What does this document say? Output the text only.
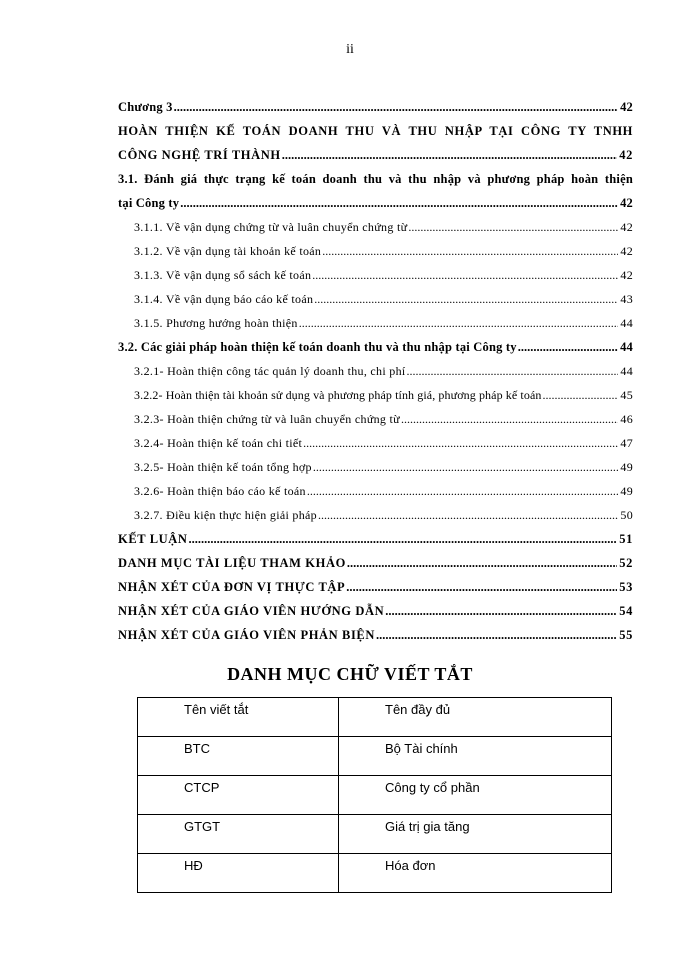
ii
Chương 3 .....	42
HOÀN THIỆN KẾ TOÁN DOANH THU VÀ THU NHẬP TẠI CÔNG TY TNHH
CÔNG NGHỆ TRÍ THÀNH .....	42
3.1. Đánh giá thực trạng kế toán doanh thu và thu nhập và phương pháp hoàn thiện
tại Công ty .....	42
3.1.1. Về vận dụng chứng từ và luân chuyển chứng từ .....	42
3.1.2. Về vận dụng tài khoản kế toán .....	42
3.1.3. Về vận dụng sổ sách kế toán .....	42
3.1.4. Về vận dụng báo cáo kế toán .....	43
3.1.5. Phương hướng hoàn thiện .....	44
3.2. Các giải pháp hoàn thiện kế toán doanh thu và thu nhập tại Công ty .....	44
3.2.1- Hoàn thiện công tác quản lý doanh thu, chi phí .....	44
3.2.2- Hoàn thiện tài khoản sử dụng và phương pháp tính giá, phương pháp kế toán .....	45
3.2.3- Hoàn thiện chứng từ và luân chuyển chứng từ .....	46
3.2.4- Hoàn thiện kế toán chi tiết .....	47
3.2.5- Hoàn thiện kế toán tổng hợp .....	49
3.2.6- Hoàn thiện báo cáo kế toán .....	49
3.2.7. Điều kiện thực hiện giải pháp .....	50
KẾT LUẬN .....	51
DANH MỤC TÀI LIỆU THAM KHẢO .....	52
NHẬN XÉT CỦA ĐƠN VỊ THỰC TẬP .....	53
NHẬN XÉT CỦA GIÁO VIÊN HƯỚNG DẪN .....	54
NHẬN XÉT CỦA GIÁO VIÊN PHẢN BIỆN .....	55
DANH MỤC CHỮ VIẾT TẮT
Tên viết tắt	Tên đầy đủ
BTC	Bộ Tài chính
CTCP	Công ty cổ phần
GTGT	Giá trị gia tăng
HĐ	Hóa đơn
